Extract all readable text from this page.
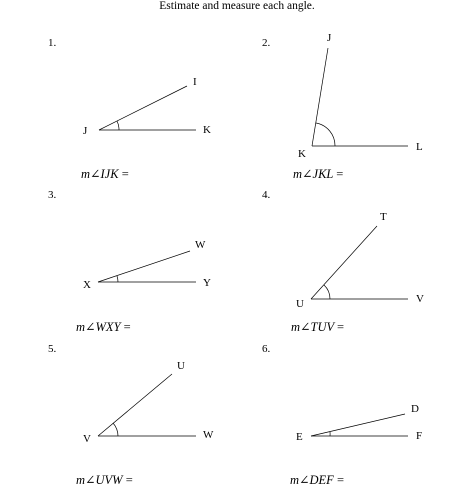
Estimate and measure each angle.
1.
I
J	K
m∠IJK =
2.	J
K
L
m∠JKL =
3.
W
X	Y
m∠WXY =
4.
T
U	V
m∠TUV =
5.
U
V	W
m∠UVW =
6.
D
E	F
m∠DEF =
